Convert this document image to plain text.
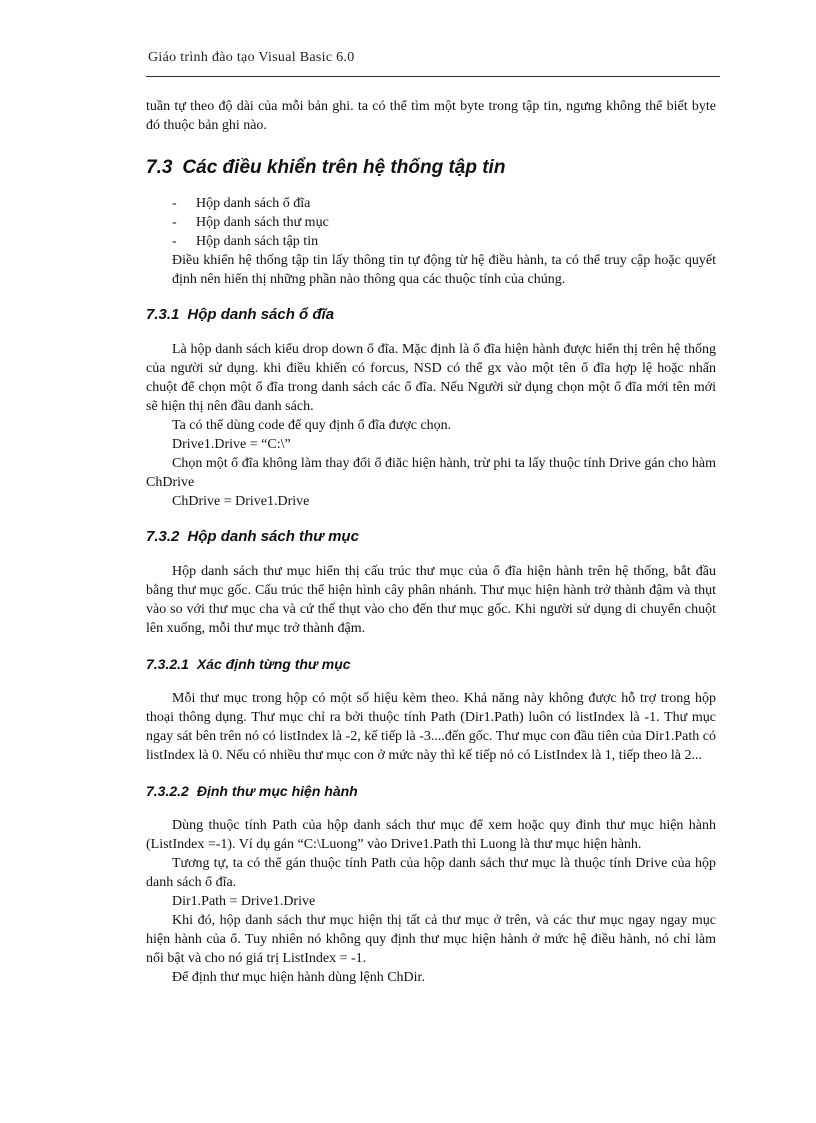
Giáo trình đào tạo Visual Basic 6.0

tuần tự theo độ dài của mỗi bản ghi. ta có thể tìm một byte trong tập tin, ngưng không thể biết byte đó thuộc bản ghi nào.

7.3 Các điều khiển trên hệ thống tập tin
- Hộp danh sách ổ đĩa
- Hộp danh sách thư mục
- Hộp danh sách tập tin

Điều khiển hệ thống tập tin lấy thông tin tự động từ hệ điều hành, ta có thể truy cập hoặc quyết định nên hiển thị những phần nào thông qua các thuộc tính của chúng.

7.3.1 Hộp danh sách ổ đĩa

Là hộp danh sách kiểu drop down ổ đĩa. Mặc định là ổ đĩa hiện hành được hiển thị trên hệ thống của người sử dụng. khi điều khiển có forcus, NSD có thể gx vào một tên ổ đĩa hợp lệ hoặc nhấn chuột để chọn một ổ đĩa trong danh sách các ổ đĩa. Nếu Người sử dụng chọn một ổ đĩa mới tên mới sẽ hiện thị nên đầu danh sách.

Ta có thể dùng code để quy định ổ đĩa được chọn.

Drive1.Drive = “C:\”

Chọn một ổ đĩa không làm thay đổi ổ điăc hiện hành, trừ phi ta lấy thuộc tính Drive gán cho hàm ChDrive

ChDrive = Drive1.Drive

7.3.2 Hộp danh sách thư mục

Hộp danh sách thư mục hiển thị cấu trúc thư mục của ổ đĩa hiện hành trên hệ thống, bắt đầu bằng thư mục gốc. Cấu trúc thể hiện hình cây phân nhánh. Thư mục hiện hành trở thành đậm và thụt vào so với thư mục cha và cứ thế thụt vào cho đến thư mục gốc. Khi người sử dụng di chuyển chuột lên xuống, mỗi thư mục trở thành đậm.

7.3.2.1 Xác định từng thư mục

Mỗi thư mục trong hộp có một số hiệu kèm theo. Khả năng này không được hỗ trợ trong hộp thoại thông dụng. Thư mục chỉ ra bởi thuộc tính Path (Dir1.Path) luôn có listIndex là -1. Thư mục ngay sát bên trên nó có listIndex là -2, kế tiếp là -3....đến gốc. Thư mục con đầu tiên của Dir1.Path có listIndex là 0. Nếu có nhiều thư mục con ở mức này thì kế tiếp nó có ListIndex là 1, tiếp theo là 2...

7.3.2.2 Định thư mục hiện hành

Dùng thuộc tính Path của hộp danh sách thư mục để xem hoặc quy đinh thư mục hiện hành (ListIndex =-1). Ví dụ gán “C:\Luong” vào Drive1.Path thì Luong là thư mục hiện hành.

Tương tự, ta có thể gán thuộc tính Path của hộp danh sách thư mục là thuộc tính Drive của hộp danh sách ổ đĩa.

Dir1.Path = Drive1.Drive

Khi đó, hộp danh sách thư mục hiện thị tất cả thư mục ở trên, và các thư mục ngay ngay mục hiện hành của ổ. Tuy nhiên nó không quy định thư mục hiện hành ở mức hệ điều hành, nó chỉ làm nổi bật và cho nó giá trị ListIndex = -1.

Để định thư mục hiện hành dùng lệnh ChDir.
